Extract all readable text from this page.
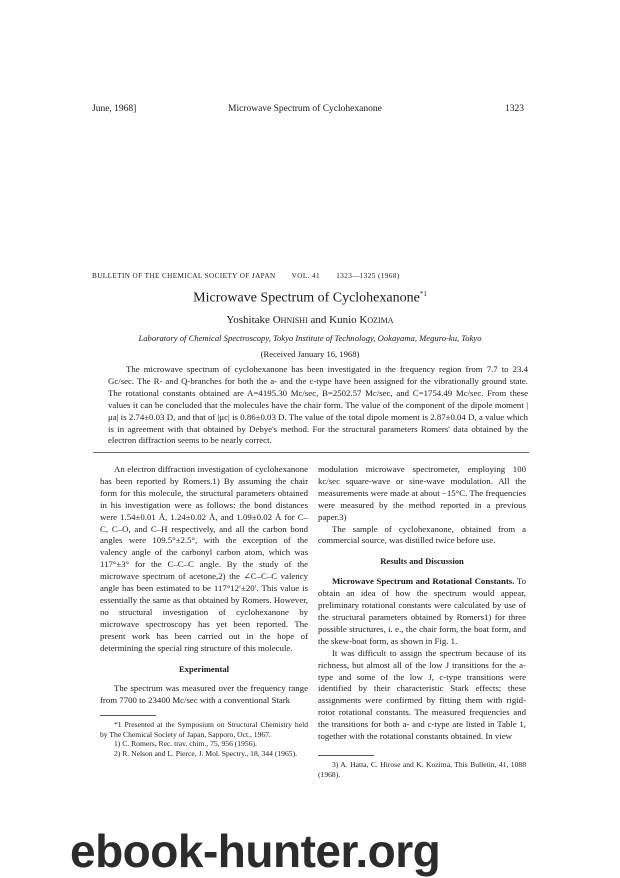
June, 1968]	Microwave Spectrum of Cyclohexanone	1323
BULLETIN OF THE CHEMICAL SOCIETY OF JAPAN VOL. 41 1323—1325 (1968)
Microwave Spectrum of Cyclohexanone$^{*1}$
Yoshitake Ohnishi and Kunio Kozima
Laboratory of Chemical Spectroscopy, Tokyo Institute of Technology, Ookayama, Meguro-ku, Tokyo
(Received January 16, 1968)
The microwave spectrum of cyclohexanone has been investigated in the frequency region from 7.7 to 23.4 Gc/sec. The R- and Q-branches for both the a- and the c-type have been assigned for the vibrationally ground state. The rotational constants obtained are A=4195.30 Mc/sec, B=2502.57 Mc/sec, and C=1754.49 Mc/sec. From these values it can be concluded that the molecules have the chair form. The value of the component of the dipole moment |μa| is 2.74±0.03 D, and that of |μc| is 0.86±0.03 D. The value of the total dipole moment is 2.87±0.04 D, a value which is in agreement with that obtained by Debye's method. For the structural parameters Romers' data obtained by the electron diffraction seems to be nearly correct.

An electron diffraction investigation of cyclohexanone has been reported by Romers.1) By assuming the chair form for this molecule, the structural parameters obtained in his investigation were as follows: the bond distances were 1.54±0.01 Å, 1.24±0.02 Å, and 1.09±0.02 Å for C–C, C–O, and C–H respectively, and all the carbon bond angles were 109.5°±2.5°, with the exception of the valency angle of the carbonyl carbon atom, which was 117°±3° for the C–C–C angle. By the study of the microwave spectrum of acetone,2) the ∠C–C–C valency angle has been estimated to be 117°12′±20′. This value is essentially the same as that obtained by Romers. However, no structural investigation of cyclohexanone by microwave spectroscopy has yet been reported. The present work has been carried out in the hope of determining the special ring structure of this molecule.

Experimental

The spectrum was measured over the frequency range from 7700 to 23400 Mc/sec with a conventional Stark

*1 Presented at the Symposium on Structural Chemistry held by The Chemical Society of Japan, Sapporo, Oct., 1967.

1) C. Romers, Rec. trav. chim., 75, 956 (1956).

2) R. Nelson and L. Pierce, J. Mol. Spectry., 18, 344 (1965).

modulation microwave spectrometer, employing 100 kc/sec square-wave or sine-wave modulation. All the measurements were made at about −15°C. The frequencies were measured by the method reported in a previous paper.3)

The sample of cyclohexanone, obtained from a commercial source, was distilled twice before use.

Results and Discussion

Microwave Spectrum and Rotational Constants. To obtain an idea of how the spectrum would appear, preliminary rotational constants were calculated by use of the structural parameters obtained by Romers1) for three possible structures, i. e., the chair form, the boat form, and the skew-boat form, as shown in Fig. 1.

It was difficult to assign the spectrum because of its richness, but almost all of the low J transitions for the a-type and some of the low J, c-type transitions were identified by their characteristic Stark effects; these assignments were confirmed by fitting them with rigid-rotor rotational constants. The measured frequencies and the transitions for both a- and c-type are listed in Table 1, together with the rotational constants obtained. In view

3) A. Hatta, C. Hirose and K. Kozima, This Bulletin, 41, 1088 (1968).

ebook-hunter.org
